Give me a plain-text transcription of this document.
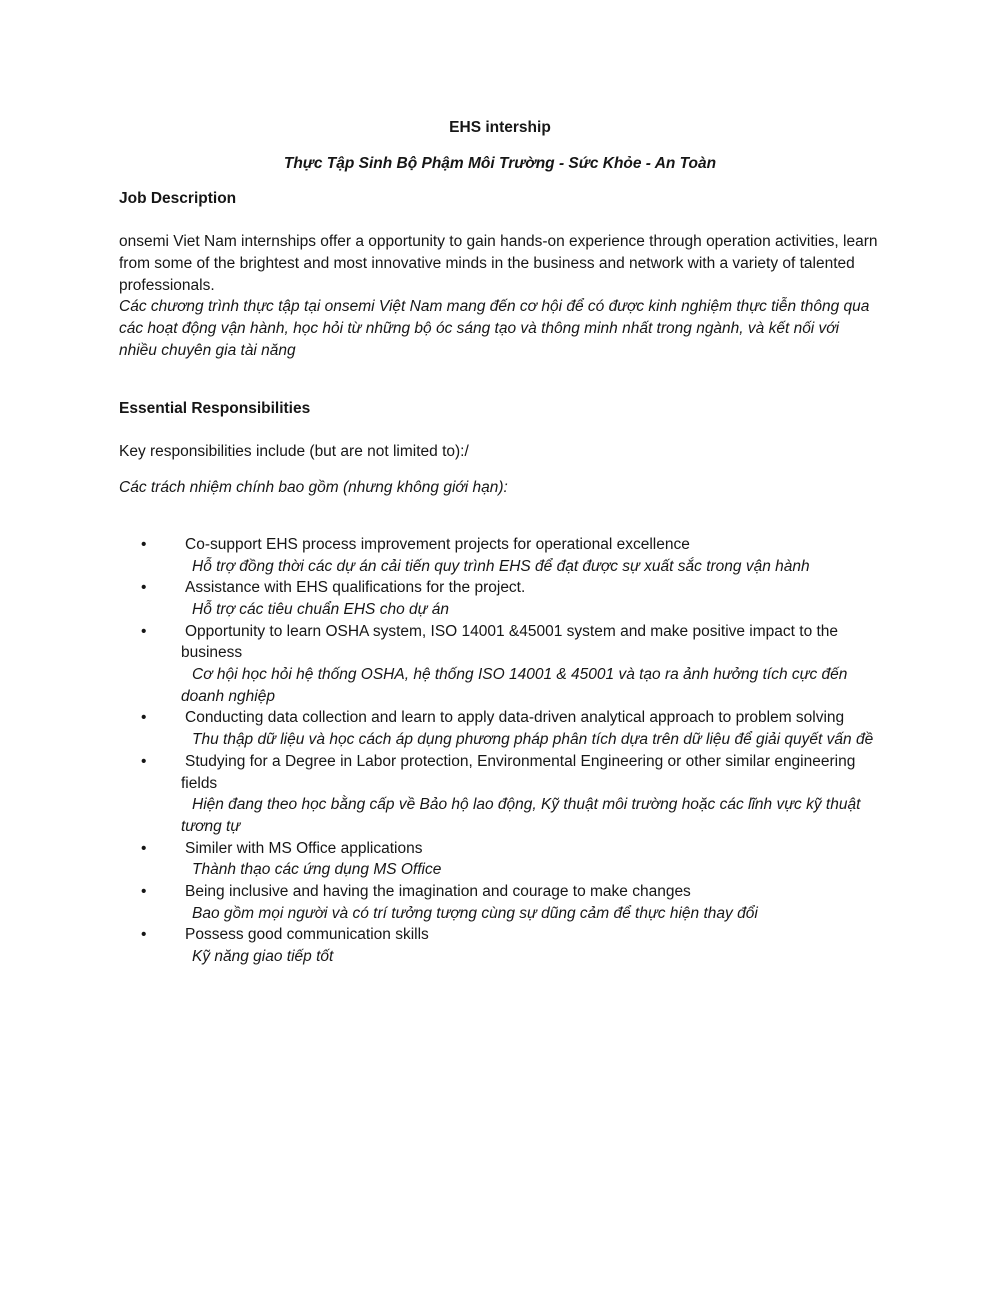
EHS intership
Thực Tập Sinh Bộ Phậm Môi Trường - Sức Khỏe - An Toàn
Job Description

onsemi Viet Nam internships offer a opportunity to gain hands-on experience through operation activities, learn from some of the brightest and most innovative minds in the business and network with a variety of talented professionals.

Các chương trình thực tập tại onsemi Việt Nam mang đến cơ hội để có được kinh nghiệm thực tiễn thông qua các hoạt động vận hành, học hỏi từ những bộ óc sáng tạo và thông minh nhất trong ngành, và kết nối với nhiều chuyên gia tài năng

Essential Responsibilities

Key responsibilities include (but are not limited to):/

Các trách nhiệm chính bao gồm (nhưng không giới hạn):

• Co-support EHS process improvement projects for operational excellence
Hỗ trợ đồng thời các dự án cải tiến quy trình EHS để đạt được sự xuất sắc trong vận hành
• Assistance with EHS qualifications for the project.
Hỗ trợ các tiêu chuẩn EHS cho dự án
• Opportunity to learn OSHA system, ISO 14001 &45001 system and make positive impact to the business
Cơ hội học hỏi hệ thống OSHA, hệ thống ISO 14001 & 45001 và tạo ra ảnh hưởng tích cực đến doanh nghiệp
• Conducting data collection and learn to apply data-driven analytical approach to problem solving
Thu thập dữ liệu và học cách áp dụng phương pháp phân tích dựa trên dữ liệu để giải quyết vấn đề
• Studying for a Degree in Labor protection, Environmental Engineering or other similar engineering fields
Hiện đang theo học bằng cấp về Bảo hộ lao động, Kỹ thuật môi trường hoặc các lĩnh vực kỹ thuật tương tự
• Similer with MS Office applications
Thành thạo các ứng dụng MS Office
• Being inclusive and having the imagination and courage to make changes
Bao gồm mọi người và có trí tưởng tượng cùng sự dũng cảm để thực hiện thay đổi
• Possess good communication skills
Kỹ năng giao tiếp tốt
